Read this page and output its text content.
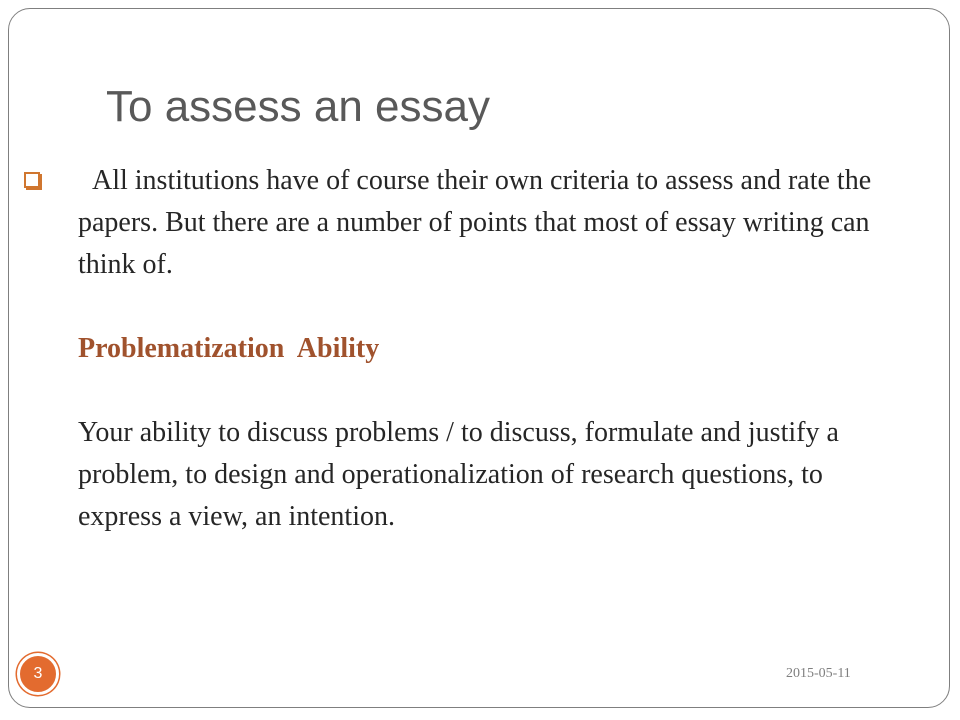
To assess an essay

All institutions have of course their own criteria to assess and rate the papers. But there are a number of points that most of essay writing can think of.

Problematization  Ability

Your ability to discuss problems / to discuss, formulate and justify a problem, to design and operationalization of research questions, to express a view, an intention.

3	2015-05-11
